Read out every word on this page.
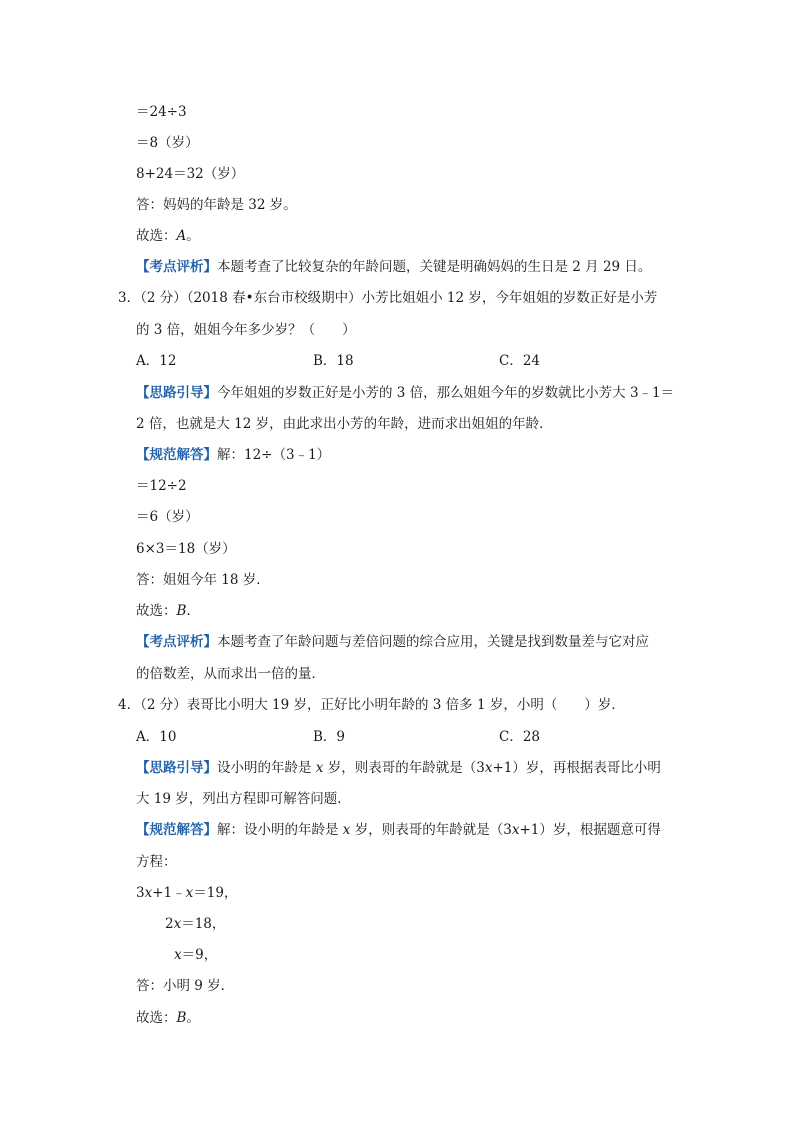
＝24÷3
＝8（岁）
8+24＝32（岁）
答：妈妈的年龄是 32 岁。
故选：A。
【考点评析】本题考查了比较复杂的年龄问题，关键是明确妈妈的生日是 2 月 29 日。
3．（2 分）（2018 春•东台市校级期中）小芳比姐姐小 12 岁，今年姐姐的岁数正好是小芳
的 3 倍，姐姐今年多少岁？（　　）
A．12	B．18	C．24
【思路引导】今年姐姐的岁数正好是小芳的 3 倍，那么姐姐今年的岁数就比小芳大 3﹣1＝
2 倍，也就是大 12 岁，由此求出小芳的年龄，进而求出姐姐的年龄．
【规范解答】解：12÷（3﹣1）
＝12÷2
＝6（岁）
6×3＝18（岁）
答：姐姐今年 18 岁．
故选：B.
【考点评析】本题考查了年龄问题与差倍问题的综合应用，关键是找到数量差与它对应
的倍数差，从而求出一倍的量．
4．（2 分）表哥比小明大 19 岁，正好比小明年龄的 3 倍多 1 岁，小明（　　）岁．
A．10	B．9	C．28
【思路引导】设小明的年龄是 x 岁，则表哥的年龄就是（3x+1）岁，再根据表哥比小明
大 19 岁，列出方程即可解答问题．
【规范解答】解：设小明的年龄是 x 岁，则表哥的年龄就是（3x+1）岁，根据题意可得
方程：
3x+1﹣x＝19，
2x＝18，
x＝9，
答：小明 9 岁．
故选：B。
